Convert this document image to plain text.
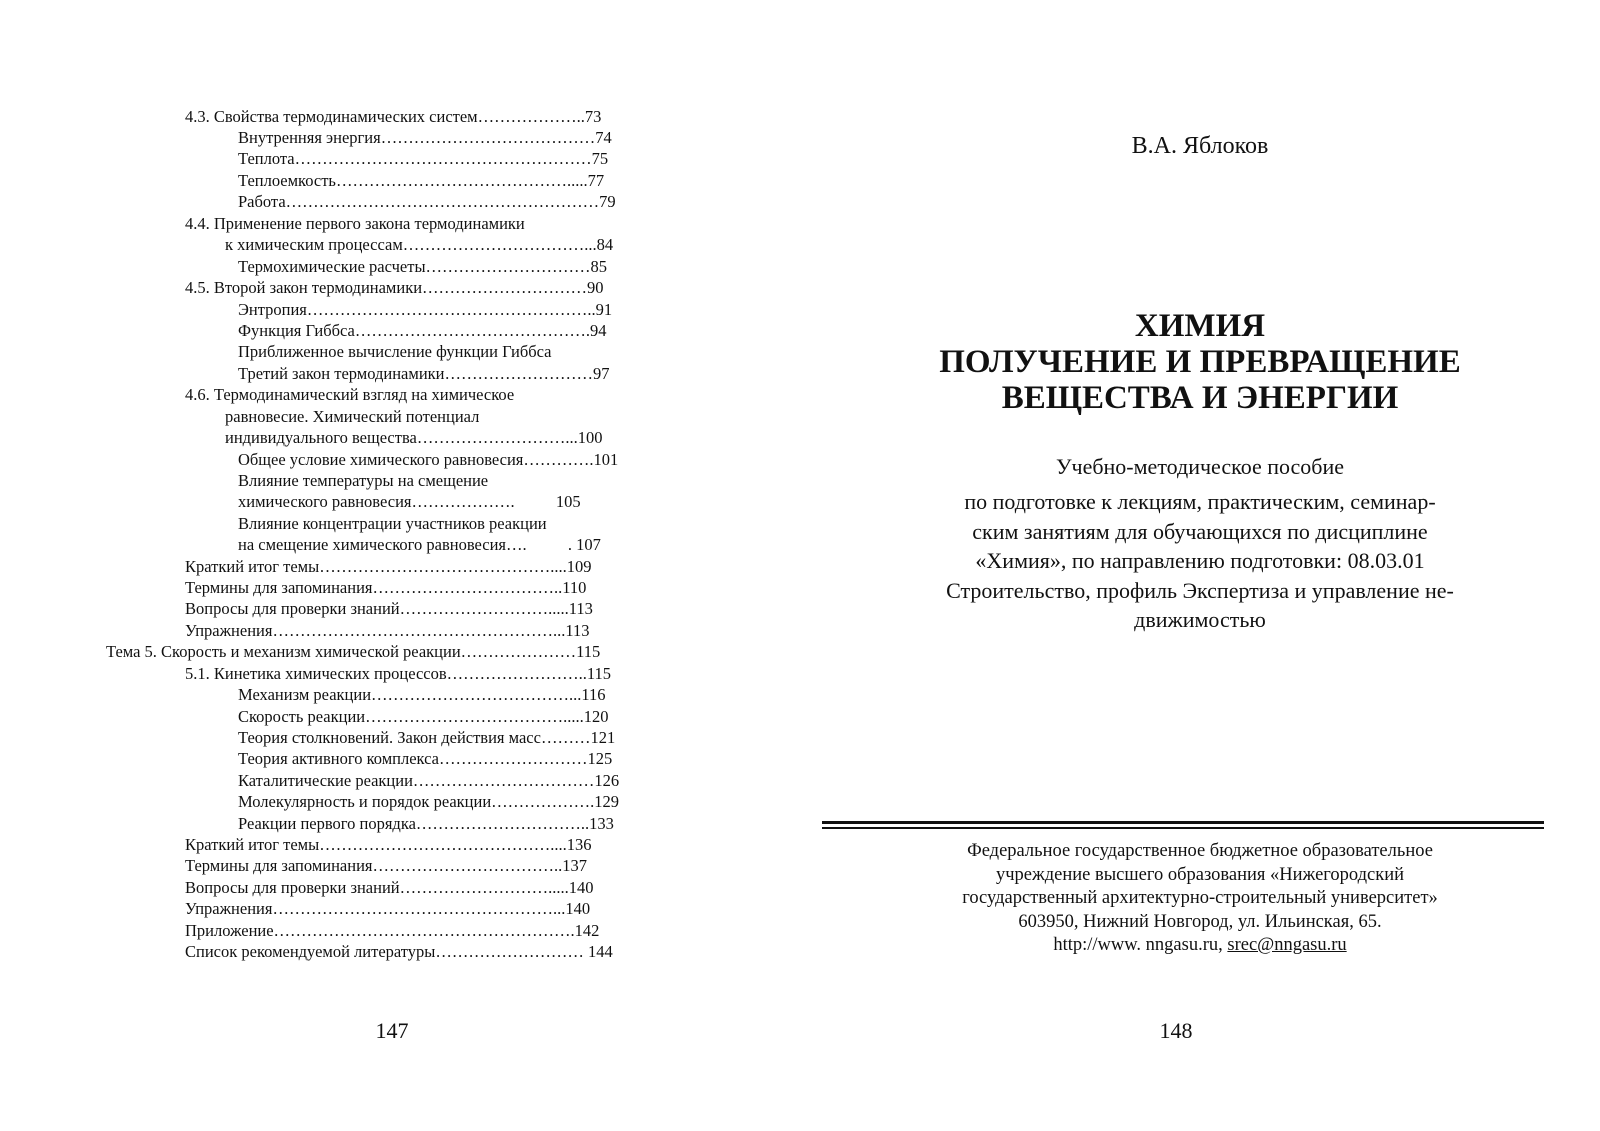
4.3. Свойства термодинамических систем………………..73
Внутренняя энергия…………………………………74
Теплота………………………………………………75
Теплоемкость…………………………………….....77
Работа…………………………………………………79
4.4. Применение первого закона термодинамики
к химическим процессам……………………………...84
Термохимические расчеты…………………………85
4.5. Второй закон термодинамики…………………………90
Энтропия……………………………………………..91
Функция Гиббса…………………………………….94
Приближенное вычисление функции Гиббса
Третий закон термодинамики………………………97
4.6. Термодинамический взгляд на химическое
равновесие. Химический потенциал
индивидуального вещества………………………...100
Общее условие химического равновесия………….101
Влияние температуры на смещение
химического равновесия……………….          105
Влияние концентрации участников реакции
на смещение химического равновесия….          . 107
Краткий итог темы……………………………………....109
Термины для запоминания……………………………..110
Вопросы для проверки знаний……………………….....113
Упражнения……………………………………………...113
Тема 5. Скорость и механизм химической реакции…………………115
5.1. Кинетика химических процессов……………………..115
Механизм реакции………………………………...116
Скорость реакции……………………………….....120
Теория столкновений. Закон действия масс………121
Теория активного комплекса………………………125
Каталитические реакции……………………………126
Молекулярность и порядок реакции……………….129
Реакции первого порядка…………………………..133
Краткий итог темы……………………………………....136
Термины для запоминания……………………………..137
Вопросы для проверки знаний……………………….....140
Упражнения……………………………………………...140
Приложение……………………………………………….142
Список рекомендуемой литературы……………………… 144
147
В.А. Яблоков
ХИМИЯ
ПОЛУЧЕНИЕ И ПРЕВРАЩЕНИЕ
ВЕЩЕСТВА И ЭНЕРГИИ
Учебно-методическое пособие
по подготовке к лекциям, практическим, семинар-
ским занятиям для обучающихся по дисциплине
«Химия», по направлению подготовки: 08.03.01
Строительство, профиль Экспертиза и управление не-
движимостью
Федеральное государственное бюджетное образовательное
учреждение высшего образования «Нижегородский
государственный архитектурно-строительный университет»
603950, Нижний Новгород, ул. Ильинская, 65.
http://www. nngasu.ru, srec@nngasu.ru
148
